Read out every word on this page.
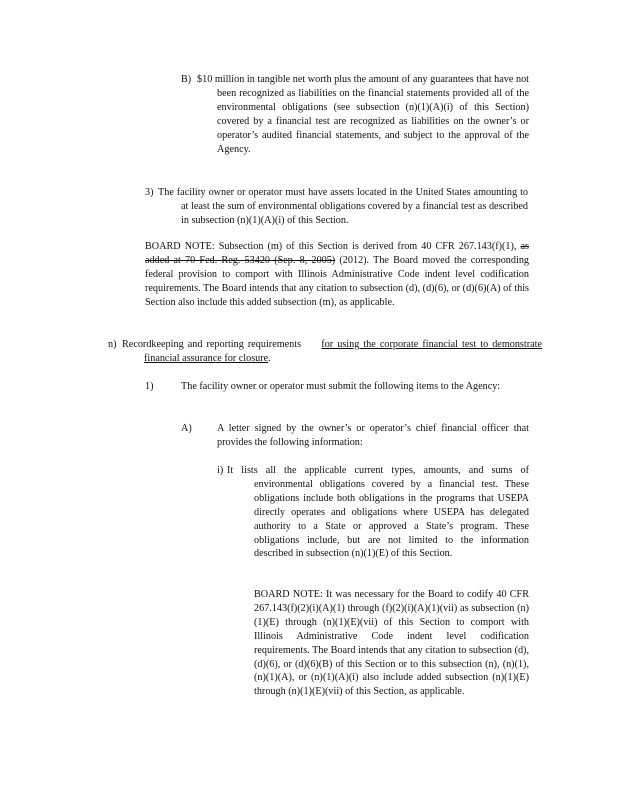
B) $10 million in tangible net worth plus the amount of any guarantees that have not been recognized as liabilities on the financial statements provided all of the environmental obligations (see subsection (n)(1)(A)(i) of this Section) covered by a financial test are recognized as liabilities on the owner’s or operator’s audited financial statements, and subject to the approval of the Agency.

3) The facility owner or operator must have assets located in the United States amounting to at least the sum of environmental obligations covered by a financial test as described in subsection (n)(1)(A)(i) of this Section.

BOARD NOTE: Subsection (m) of this Section is derived from 40 CFR 267.143(f)(1), as added at 70 Fed. Reg. 53420 (Sep. 8, 2005) (2012). The Board moved the corresponding federal provision to comport with Illinois Administrative Code indent level codification requirements. The Board intends that any citation to subsection (d), (d)(6), or (d)(6)(A) of this Section also include this added subsection (m), as applicable.

n) Recordkeeping and reporting requirements for using the corporate financial test to demonstrate financial assurance for closure.

1)	The facility owner or operator must submit the following items to the Agency:

A) A letter signed by the owner’s or operator’s chief financial officer that provides the following information:

i) It lists all the applicable current types, amounts, and sums of environmental obligations covered by a financial test. These obligations include both obligations in the programs that USEPA directly operates and obligations where USEPA has delegated authority to a State or approved a State’s program. These obligations include, but are not limited to the information described in subsection (n)(1)(E) of this Section.

BOARD NOTE: It was necessary for the Board to codify 40 CFR 267.143(f)(2)(i)(A)(1) through (f)(2)(i)(A)(1)(vii) as subsection (n)(1)(E) through (n)(1)(E)(vii) of this Section to comport with Illinois Administrative Code indent level codification requirements. The Board intends that any citation to subsection (d), (d)(6), or (d)(6)(B) of this Section or to this subsection (n), (n)(1), (n)(1)(A), or (n)(1)(A)(i) also include added subsection (n)(1)(E) through (n)(1)(E)(vii) of this Section, as applicable.
